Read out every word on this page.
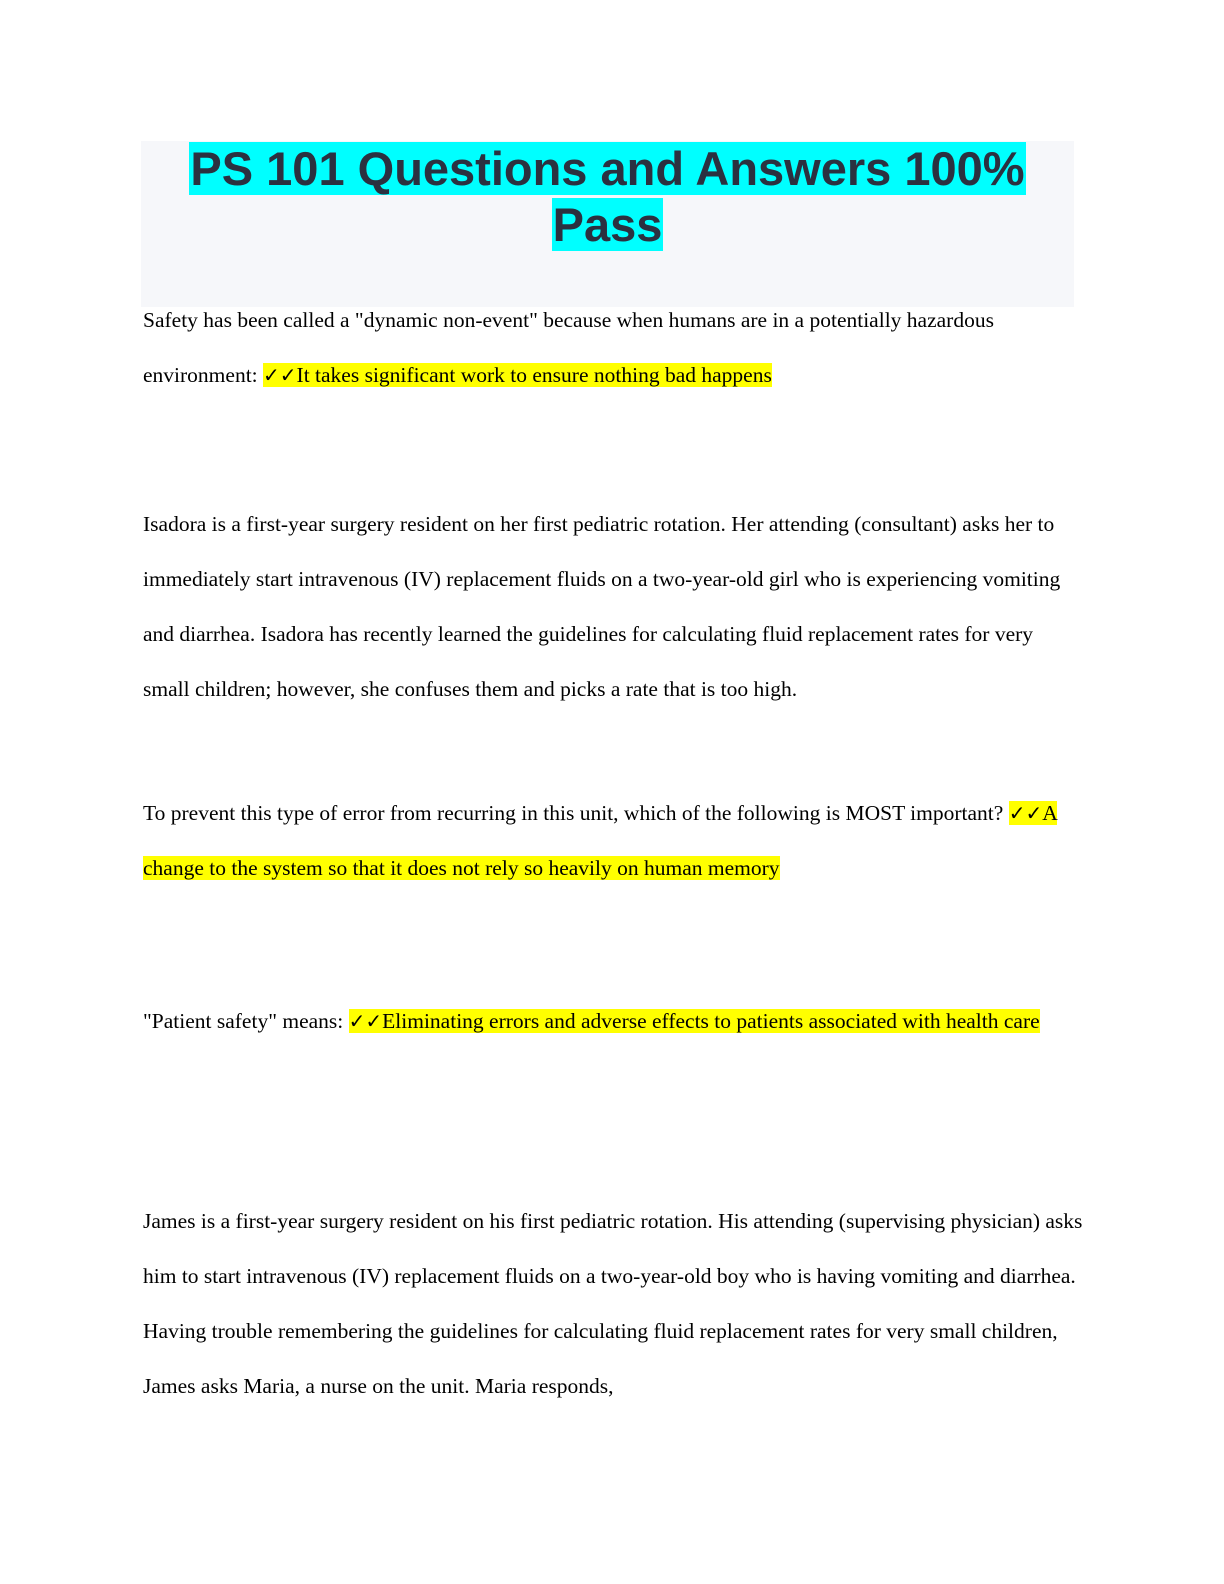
PS 101 Questions and Answers 100%
Pass

Safety has been called a "dynamic non-event" because when humans are in a potentially hazardous environment: ✓✓It takes significant work to ensure nothing bad happens

Isadora is a first-year surgery resident on her first pediatric rotation. Her attending (consultant) asks her to immediately start intravenous (IV) replacement fluids on a two-year-old girl who is experiencing vomiting and diarrhea. Isadora has recently learned the guidelines for calculating fluid replacement rates for very small children; however, she confuses them and picks a rate that is too high.

To prevent this type of error from recurring in this unit, which of the following is MOST important? ✓✓A change to the system so that it does not rely so heavily on human memory

"Patient safety" means: ✓✓Eliminating errors and adverse effects to patients associated with health care

James is a first-year surgery resident on his first pediatric rotation. His attending (supervising physician) asks him to start intravenous (IV) replacement fluids on a two-year-old boy who is having vomiting and diarrhea. Having trouble remembering the guidelines for calculating fluid replacement rates for very small children, James asks Maria, a nurse on the unit. Maria responds,
